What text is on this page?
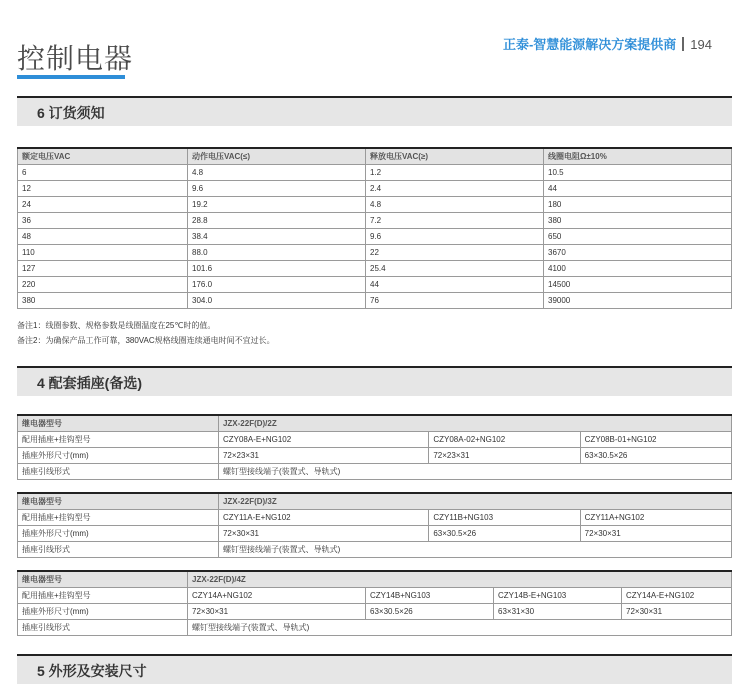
控制电器	正泰-智慧能源解决方案提供商 194
6 订货须知
额定电压VAC	动作电压VAC(≤)	释放电压VAC(≥)	线圈电阻Ω±10%
6	4.8	1.2	10.5
12	9.6	2.4	44
24	19.2	4.8	180
36	28.8	7.2	380
48	38.4	9.6	650
110	88.0	22	3670
127	101.6	25.4	4100
220	176.0	44	14500
380	304.0	76	39000
备注1：线圈参数、规格参数是线圈温度在25℃时的值。
备注2：为确保产品工作可靠，380VAC规格线圈连续通电时间不宜过长。
4 配套插座(备选)
继电器型号	JZX-22F(D)/2Z		
配用插座+挂钩型号	CZY08A-E+NG102	CZY08A-02+NG102	CZY08B-01+NG102
插座外形尺寸(mm)	72×23×31	72×23×31	63×30.5×26
插座引线形式	螺钉型接线端子(装置式、导轨式)		
继电器型号	JZX-22F(D)/3Z		
配用插座+挂钩型号	CZY11A-E+NG102	CZY11B+NG103	CZY11A+NG102
插座外形尺寸(mm)	72×30×31	63×30.5×26	72×30×31
插座引线形式	螺钉型接线端子(装置式、导轨式)		
继电器型号	JZX-22F(D)/4Z			
配用插座+挂钩型号	CZY14A+NG102	CZY14B+NG103	CZY14B-E+NG103	CZY14A-E+NG102
插座外形尺寸(mm)	72×30×31	63×30.5×26	63×31×30	72×30×31
插座引线形式	螺钉型接线端子(装置式、导轨式)			
5 外形及安装尺寸
